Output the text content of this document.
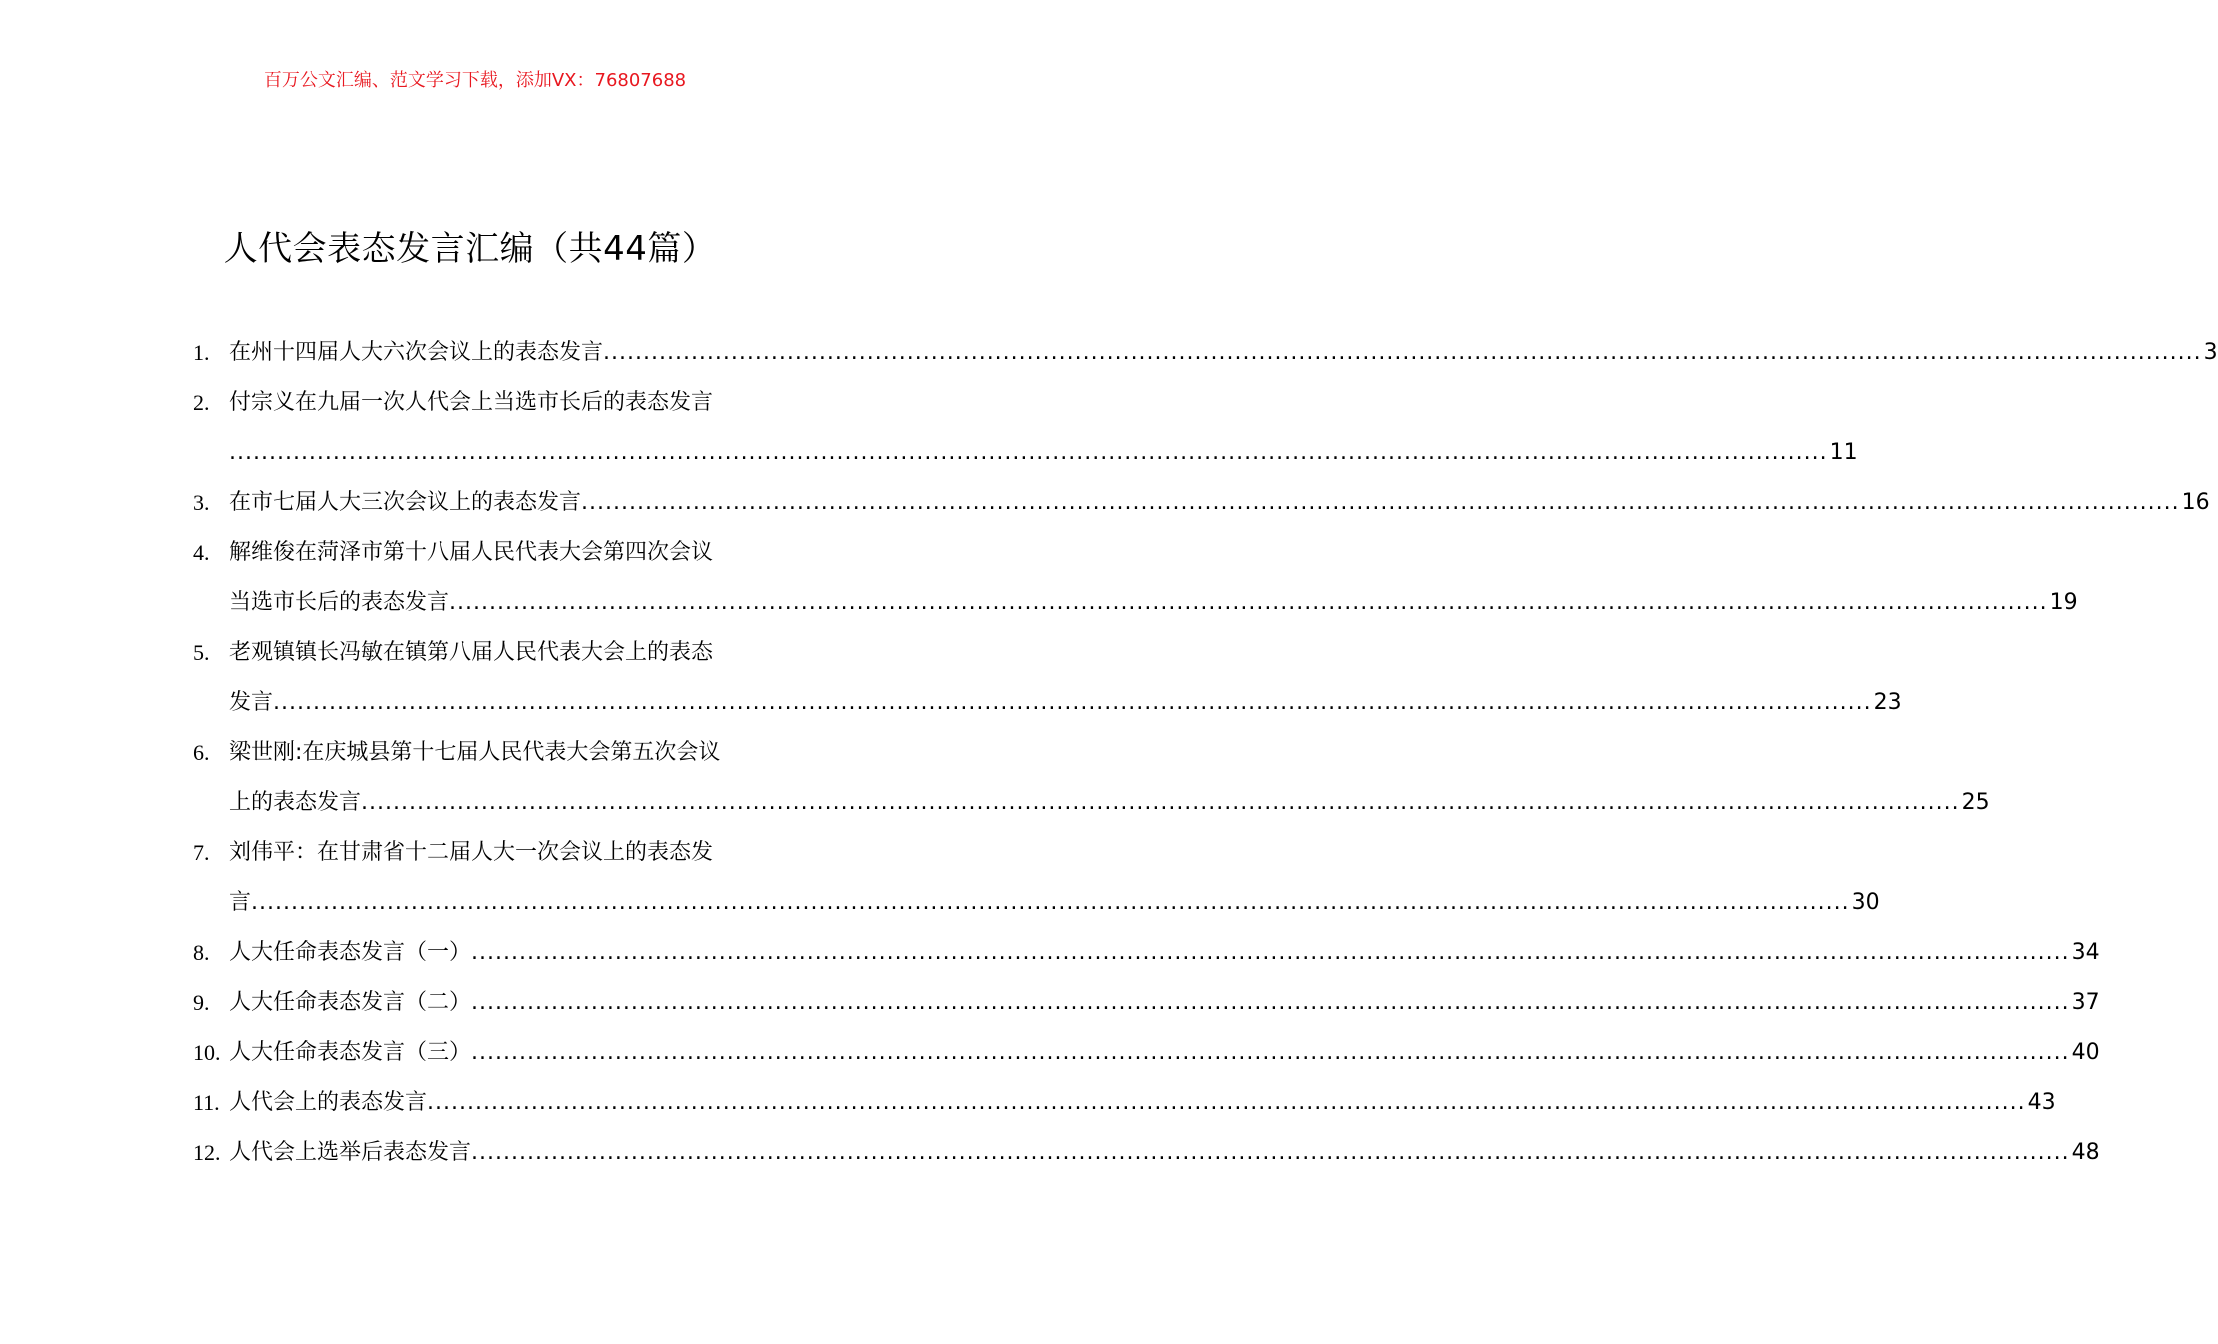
百万公文汇编、范文学习下载，添加VX：76807688
人代会表态发言汇编（共44篇）
1. 在州十四届人大六次会议上的表态发言 ........................................................................................................................................................................................................ 3
2. 付宗义在九届一次人代会上当选市长后的表态发言
........................................................................................................................................................................................................ 11
3. 在市七届人大三次会议上的表态发言 ........................................................................................................................................................................................................ 16
4. 解维俊在菏泽市第十八届人民代表大会第四次会议
当选市长后的表态发言 ........................................................................................................................................................................................................ 19
5. 老观镇镇长冯敏在镇第八届人民代表大会上的表态
发言 ........................................................................................................................................................................................................ 23
6. 梁世刚:在庆城县第十七届人民代表大会第五次会议
上的表态发言 ........................................................................................................................................................................................................ 25
7. 刘伟平：在甘肃省十二届人大一次会议上的表态发
言 ........................................................................................................................................................................................................ 30
8. 人大任命表态发言（一） ........................................................................................................................................................................................................ 34
9. 人大任命表态发言（二） ........................................................................................................................................................................................................ 37
10. 人大任命表态发言（三） ........................................................................................................................................................................................................ 40
11. 人代会上的表态发言 ........................................................................................................................................................................................................ 43
12. 人代会上选举后表态发言 ........................................................................................................................................................................................................ 48
